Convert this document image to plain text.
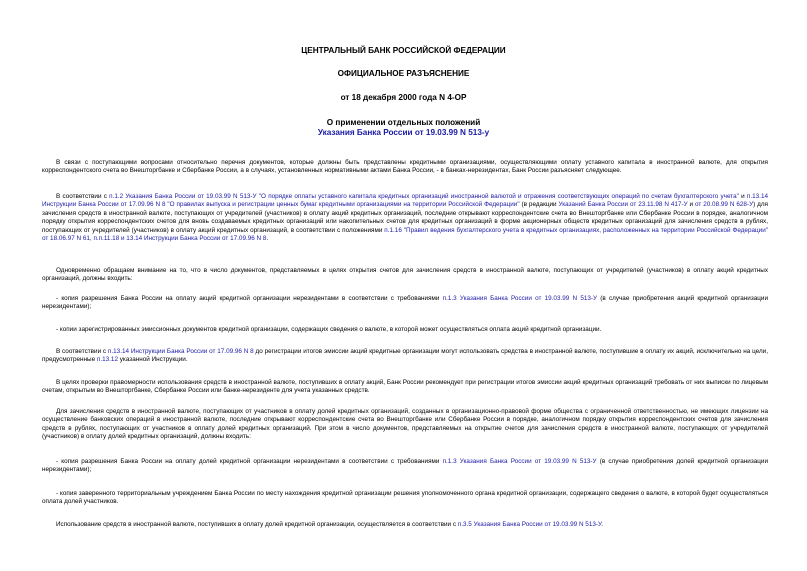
ЦЕНТРАЛЬНЫЙ БАНК РОССИЙСКОЙ ФЕДЕРАЦИИ
ОФИЦИАЛЬНОЕ РАЗЪЯСНЕНИЕ
от 18 декабря 2000 года N 4-ОР
О применении отдельных положений
Указания Банка России от 19.03.99 N 513-у
В связи с поступающими вопросами относительно перечня документов, которые должны быть представлены кредитными организациями, осуществляющими оплату уставного капитала в иностранной валюте, для открытия корреспондентского счета во Внешторгбанке и Сбербанке России, а в случаях, установленных нормативными актами Банка России, - в банках-нерезидентах, Банк России разъясняет следующее.
В соответствии с п.1.2 Указания Банка России от 19.03.99 N 513-У "О порядке оплаты уставного капитала кредитных организаций иностранной валютой и отражения соответствующих операций по счетам бухгалтерского учета" и п.13.14 Инструкции Банка России от 17.09.96 N 8 "О правилах выпуска и регистрации ценных бумаг кредитными организациями на территории Российской Федерации" (в редакции Указаний Банка России от 23.11.98 N 417-У и от 20.08.99 N 628-У) для зачисления средств в иностранной валюте, поступающих от учредителей (участников) в оплату акций кредитных организаций, последние открывают корреспондентские счета во Внешторгбанке или Сбербанке России в порядке, аналогичном порядку открытия корреспондентских счетов для вновь создаваемых кредитных организаций или накопительных счетов для кредитных организаций в форме акционерных обществ кредитных организаций для зачисления средств в рублях, поступающих от учредителей (участников) в оплату акций кредитных организаций, в соответствии с положениями п.1.16 "Правил ведения бухгалтерского учета в кредитных организациях, расположенных на территории Российской Федерации" от 18.06.97 N 61, п.п.11.18 и 13.14 Инструкции Банка России от 17.09.96 N 8.
Одновременно обращаем внимание на то, что в число документов, представляемых в целях открытия счетов для зачисления средств в иностранной валюте, поступающих от учредителей (участников) в оплату акций кредитных организаций, должны входить:
- копия разрешения Банка России на оплату акций кредитной организации нерезидентами в соответствии с требованиями п.1.3 Указания Банка России от 19.03.99 N 513-У (в случае приобретения акций кредитной организации нерезидентами);
- копии зарегистрированных эмиссионных документов кредитной организации, содержащих сведения о валюте, в которой может осуществляться оплата акций кредитной организации.
В соответствии с п.13.14 Инструкции Банка России от 17.09.96 N 8 до регистрации итогов эмиссии акций кредитные организации могут использовать средства в иностранной валюте, поступившие в оплату их акций, исключительно на цели, предусмотренные п.13.12 указанной Инструкции.
В целях проверки правомерности использования средств в иностранной валюте, поступивших в оплату акций, Банк России рекомендует при регистрации итогов эмиссии акций кредитных организаций требовать от них выписки по лицевым счетам, открытым во Внешторгбанке, Сбербанке России или банке-нерезиденте для учета указанных средств.
Для зачисления средств в иностранной валюте, поступающих от участников в оплату долей кредитных организаций, созданных в организационно-правовой форме общества с ограниченной ответственностью, не имеющих лицензии на осуществление банковских операций в иностранной валюте, последние открывают корреспондентские счета во Внешторгбанке или Сбербанке России в порядке, аналогичном порядку открытия корреспондентских счетов для зачисления средств в рублях, поступающих от участников в оплату долей кредитных организаций. При этом в число документов, представляемых на открытие счетов для зачисления средств в иностранной валюте, поступающих от учредителей (участников) в оплату долей кредитных организаций, должны входить:
- копия разрешения Банка России на оплату долей кредитной организации нерезидентами в соответствии с требованиями п.1.3 Указания Банка России от 19.03.99 N 513-У (в случае приобретения долей кредитной организации нерезидентами);
- копия заверенного территориальным учреждением Банка России по месту нахождения кредитной организации решения уполномоченного органа кредитной организации, содержащего сведения о валюте, в которой будет осуществляться оплата долей участников.
Использование средств в иностранной валюте, поступивших в оплату долей кредитной организации, осуществляется в соответствии с п.3.5 Указания Банка России от 19.03.99 N 513-У.
